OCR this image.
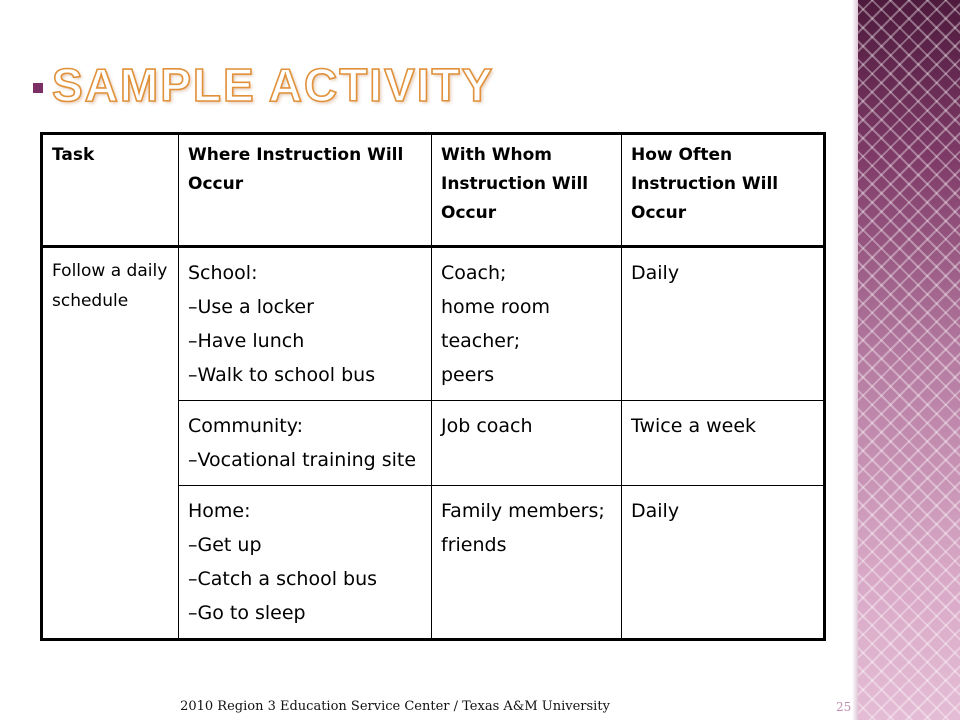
SAMPLE ACTIVITY
Task	Where Instruction Will Occur	With Whom Instruction Will Occur	How Often Instruction Will Occur
Follow a daily schedule	School:
–Use a locker
–Have lunch
–Walk to school bus	Coach;
home room teacher;
peers	Daily

	Community:
–Vocational training site	Job coach	Twice a week

	Home:
–Get up
–Catch a school bus
–Go to sleep	Family members;
friends	Daily
2010 Region 3 Education Service Center / Texas A&M University	25
